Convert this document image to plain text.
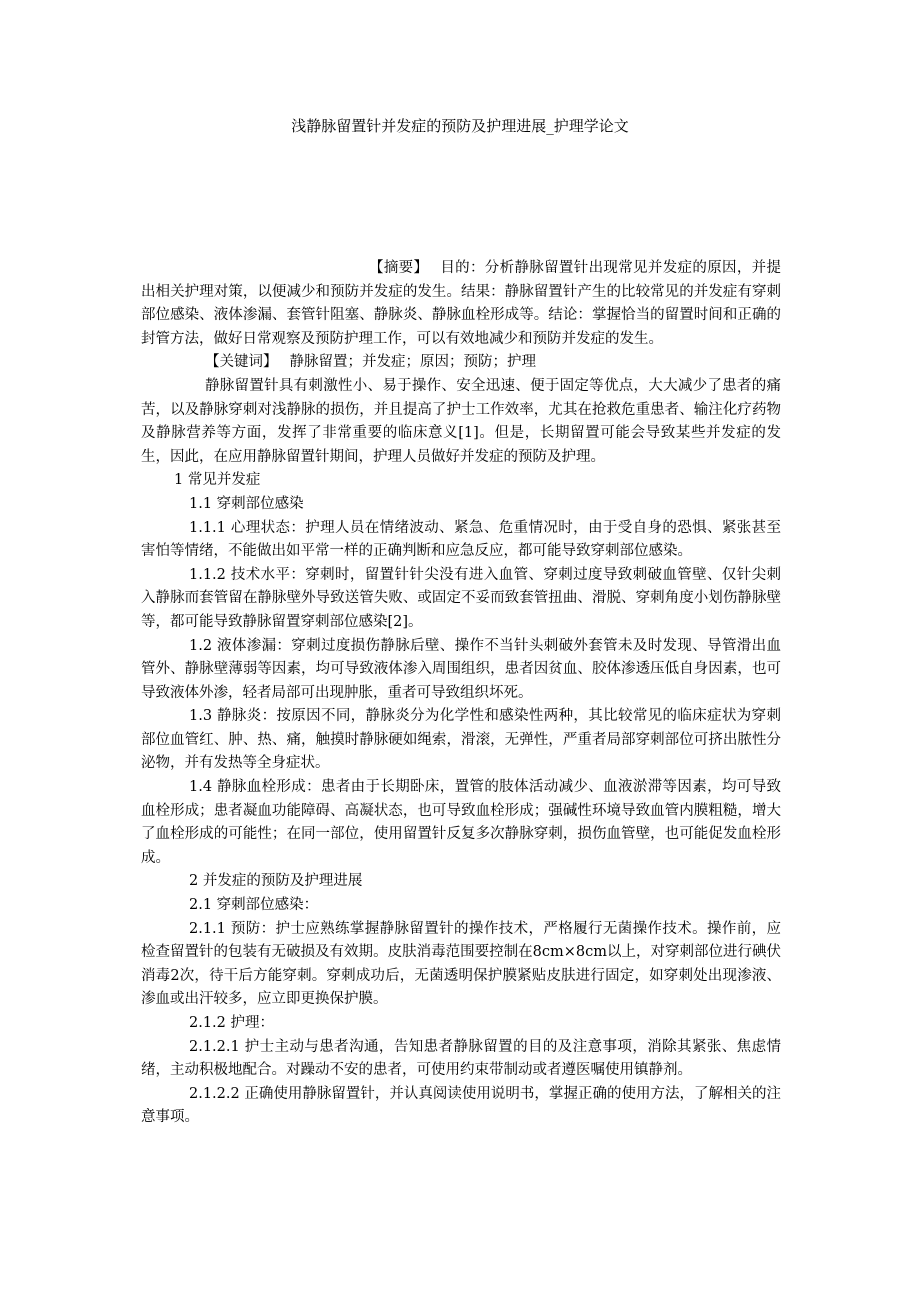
浅静脉留置针并发症的预防及护理进展_护理学论文

【摘要】 目的：分析静脉留置针出现常见并发症的原因，并提出相关护理对策，以便减少和预防并发症的发生。结果：静脉留置针产生的比较常见的并发症有穿刺部位感染、液体渗漏、套管针阻塞、静脉炎、静脉血栓形成等。结论：掌握恰当的留置时间和正确的封管方法，做好日常观察及预防护理工作，可以有效地减少和预防并发症的发生。

【关键词】 静脉留置；并发症；原因；预防；护理

静脉留置针具有刺激性小、易于操作、安全迅速、便于固定等优点，大大减少了患者的痛苦，以及静脉穿刺对浅静脉的损伤，并且提高了护士工作效率，尤其在抢救危重患者、输注化疗药物及静脉营养等方面，发挥了非常重要的临床意义[1]。但是，长期留置可能会导致某些并发症的发生，因此，在应用静脉留置针期间，护理人员做好并发症的预防及护理。

1 常见并发症

1.1 穿刺部位感染

1.1.1 心理状态：护理人员在情绪波动、紧急、危重情况时，由于受自身的恐惧、紧张甚至害怕等情绪，不能做出如平常一样的正确判断和应急反应，都可能导致穿刺部位感染。

1.1.2 技术水平：穿刺时，留置针针尖没有进入血管、穿刺过度导致刺破血管壁、仅针尖刺入静脉而套管留在静脉壁外导致送管失败、或固定不妥而致套管扭曲、滑脱、穿刺角度小划伤静脉壁等，都可能导致静脉留置穿刺部位感染[2]。

1.2 液体渗漏：穿刺过度损伤静脉后壁、操作不当针头刺破外套管未及时发现、导管滑出血管外、静脉壁薄弱等因素，均可导致液体渗入周围组织，患者因贫血、胶体渗透压低自身因素，也可导致液体外渗，轻者局部可出现肿胀，重者可导致组织坏死。

1.3 静脉炎：按原因不同，静脉炎分为化学性和感染性两种，其比较常见的临床症状为穿刺部位血管红、肿、热、痛，触摸时静脉硬如绳索，滑滚，无弹性，严重者局部穿刺部位可挤出脓性分泌物，并有发热等全身症状。

1.4 静脉血栓形成：患者由于长期卧床，置管的肢体活动减少、血液淤滞等因素，均可导致血栓形成；患者凝血功能障碍、高凝状态，也可导致血栓形成；强碱性环境导致血管内膜粗糙，增大了血栓形成的可能性；在同一部位，使用留置针反复多次静脉穿刺，损伤血管壁，也可能促发血栓形成。

2 并发症的预防及护理进展

2.1 穿刺部位感染：

2.1.1 预防：护士应熟练掌握静脉留置针的操作技术，严格履行无菌操作技术。操作前，应检查留置针的包装有无破损及有效期。皮肤消毒范围要控制在8cm×8cm以上，对穿刺部位进行碘伏消毒2次，待干后方能穿刺。穿刺成功后，无菌透明保护膜紧贴皮肤进行固定，如穿刺处出现渗液、渗血或出汗较多，应立即更换保护膜。

2.1.2 护理：

2.1.2.1 护士主动与患者沟通，告知患者静脉留置的目的及注意事项，消除其紧张、焦虑情绪，主动积极地配合。对躁动不安的患者，可使用约束带制动或者遵医嘱使用镇静剂。

2.1.2.2 正确使用静脉留置针，并认真阅读使用说明书，掌握正确的使用方法，了解相关的注意事项。
